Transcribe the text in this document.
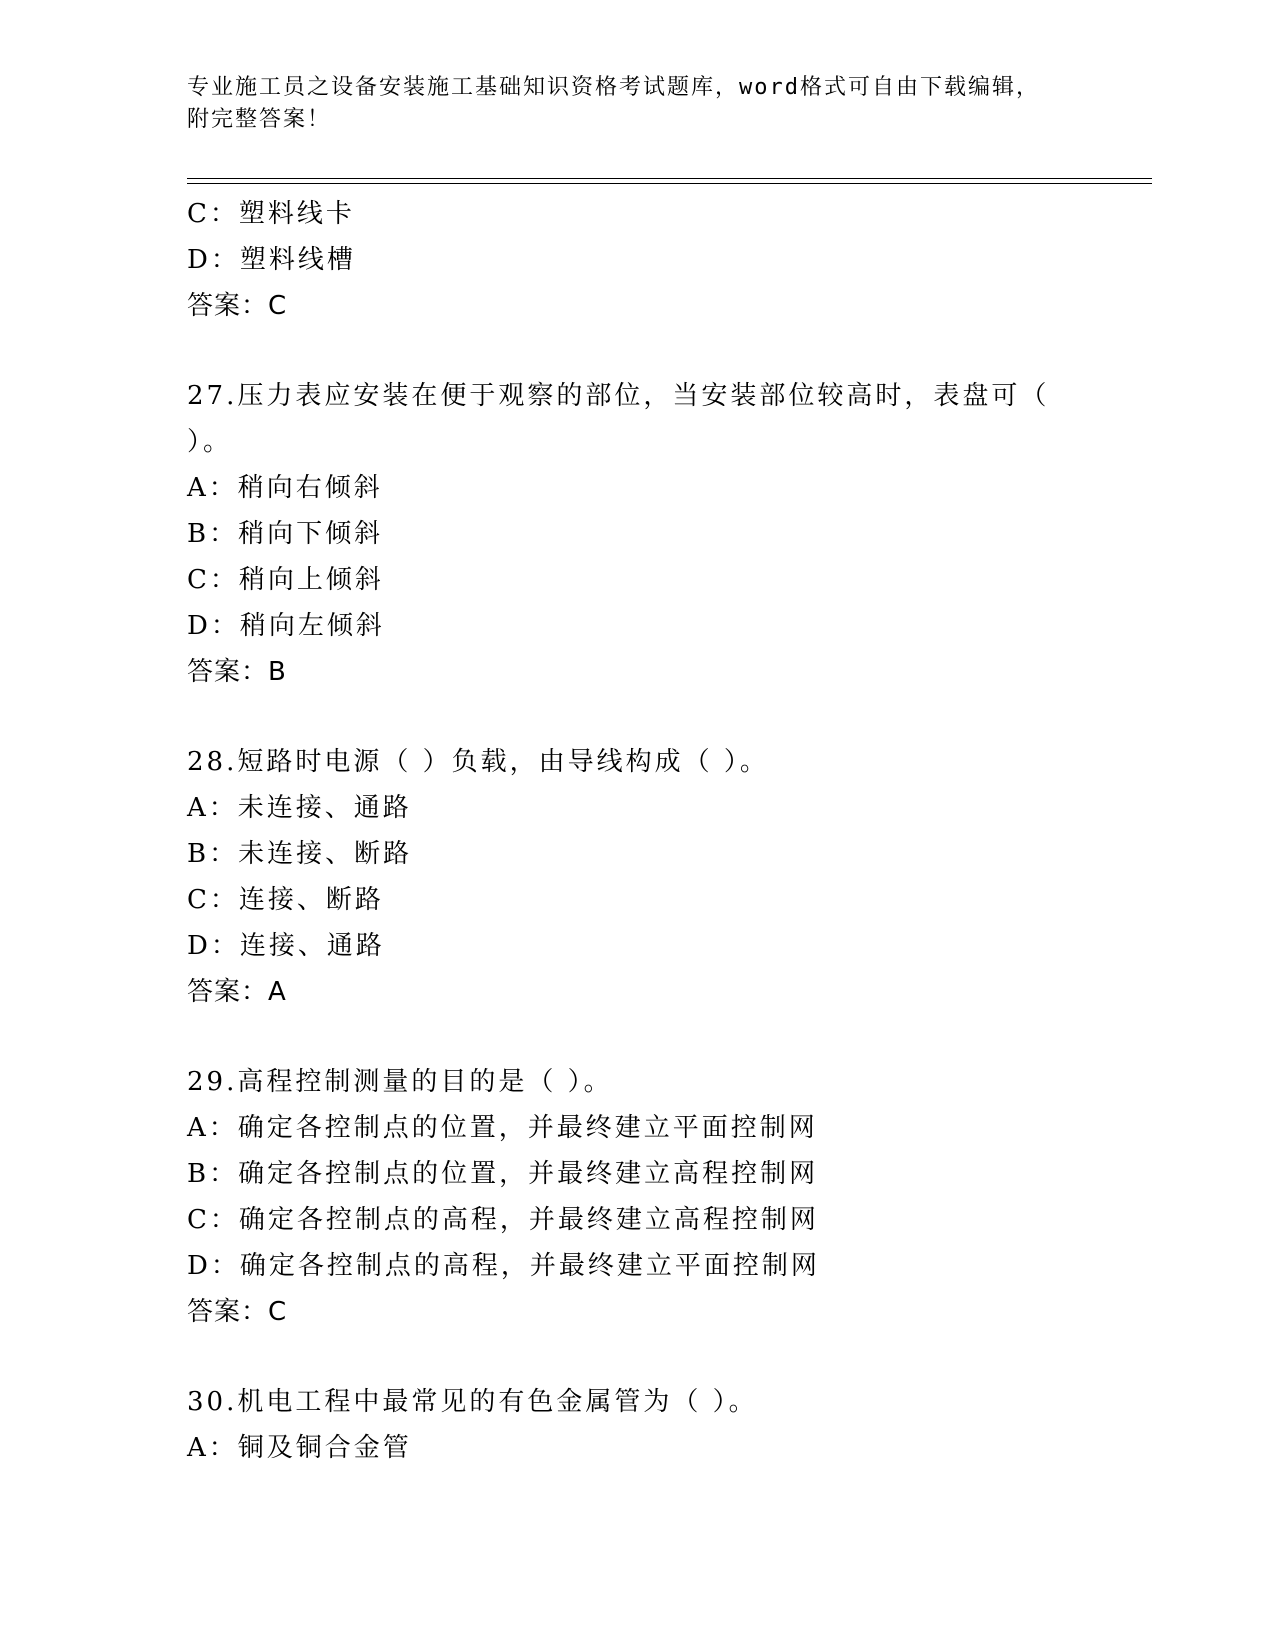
专业施工员之设备安装施工基础知识资格考试题库，word格式可自由下载编辑，
附完整答案！
C：塑料线卡
D：塑料线槽
答案：C
27.压力表应安装在便于观察的部位，当安装部位较高时，表盘可（
）。
A：稍向右倾斜
B：稍向下倾斜
C：稍向上倾斜
D：稍向左倾斜
答案：B
28.短路时电源（ ）负载，由导线构成（ ）。
A：未连接、通路
B：未连接、断路
C：连接、断路
D：连接、通路
答案：A
29.高程控制测量的目的是（ ）。
A：确定各控制点的位置，并最终建立平面控制网
B：确定各控制点的位置，并最终建立高程控制网
C：确定各控制点的高程，并最终建立高程控制网
D：确定各控制点的高程，并最终建立平面控制网
答案：C
30.机电工程中最常见的有色金属管为（ ）。
A：铜及铜合金管
